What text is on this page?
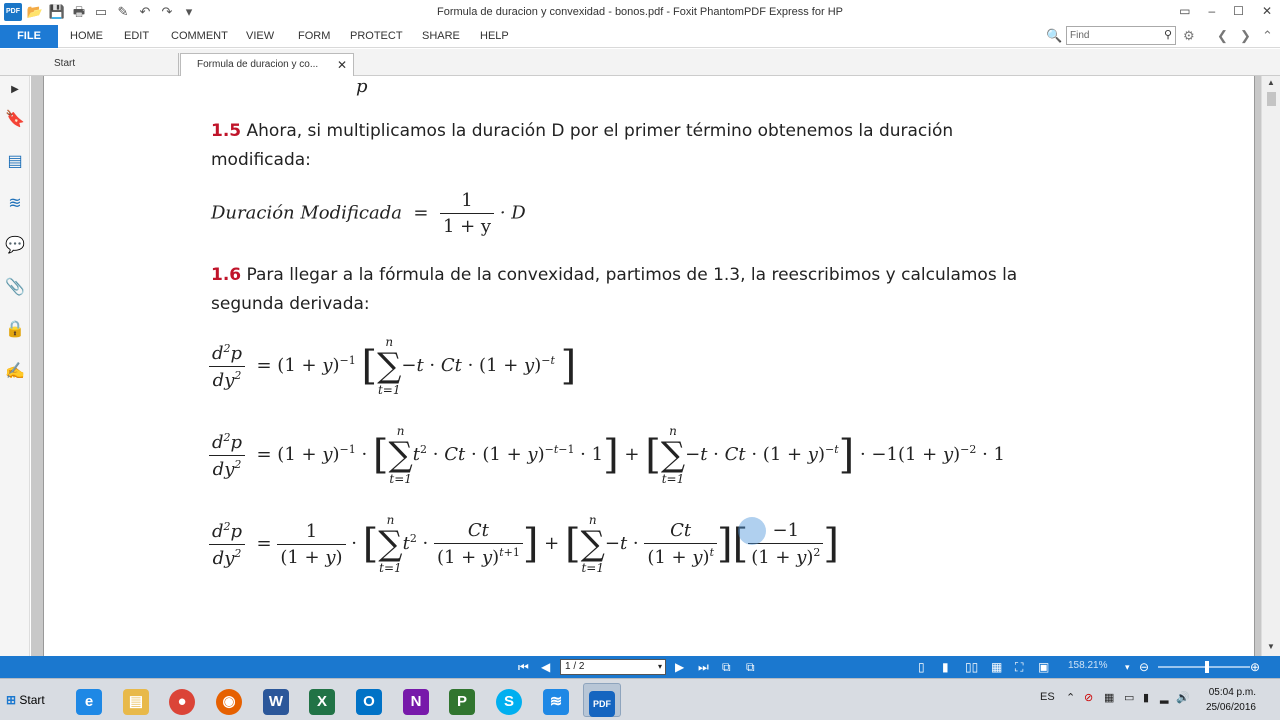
PDF 📂 💾 🖶 ▭ ✎ ↶ ↷	▾	Formula de duracion y convexidad - bonos.pdf - Foxit PhantomPDF Express for HP	▭ – ☐ ✕
FILE	HOME EDIT COMMENT VIEW FORM PROTECT SHARE HELP	🔍 Find	⚲ ⚙ ❮ ❯ ⌃
Start	Formula de duracion y co... ✕
▶
🔖
▤
≋
💬
📎
🔒
✍
p
1.5 Ahora, si multiplicamos la duración D por el primer término obtenemos la duración modificada:
Duración Modificada  = $\frac{1}{1 + y} \cdot D$
1.6 Para llegar a la fórmula de la convexidad, partimos de 1.3, la reescribimos y calculamos la segunda derivada:
$\frac{d^2p}{dy^2} = (1 + y)^{-1}$ [
n
∑
t=1
$-t \cdot Ct \cdot (1 + y)^{-t}$ ]
$\frac{d^2p}{dy^2} = (1 + y)^{-1}$ · [
n
∑
t=1
$t^2 \cdot Ct \cdot (1 + y)^{-t-1} \cdot 1$] + [
n
∑
t=1
$-t \cdot Ct \cdot (1 + y)^{-t}] \cdot -1(1 + y)^{-2} \cdot 1$
$\frac{d^2p}{dy^2} = \frac{1}{(1 + y)}$ · [
n
∑
t=1
$t^2 \cdot \frac{Ct}{(1 + y)^{t+1}}$ ] + [
n
∑
t=1
$-t \cdot \frac{Ct}{(1 + y)^t}$ ][ $\frac{-1}{(1 + y)^2}$ ]
▲
▼
⏮ ◀	1 / 2	▾ ▶ ⏭ ⧉ ⧉	▯ ▮ ▯▯ ▦ ⛶ ▣ 158.21% ▾ ⊖	⊕
⊞ Start	e	▤	●	◉	W	X	O	N	P	S	≋	PDF
ES ⌃ ⊘ ▦ ▭ ▮ ▂ 🔊	05:04 p.m.
25/06/2016
